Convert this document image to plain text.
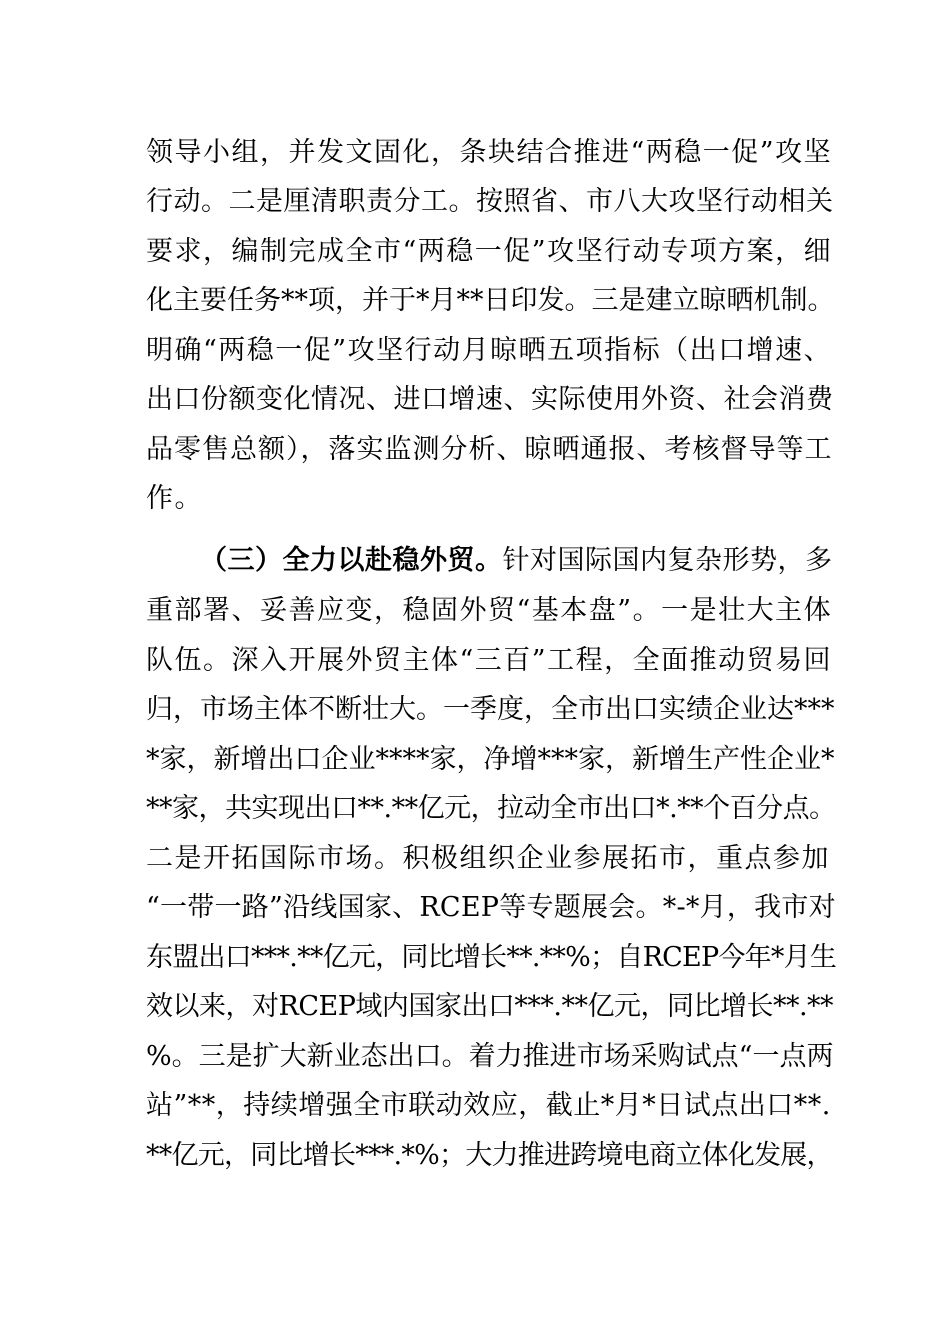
领导小组，并发文固化，条块结合推进“两稳一促”攻坚
行动。二是厘清职责分工。按照省、市八大攻坚行动相关
要求，编制完成全市“两稳一促”攻坚行动专项方案，细
化主要任务**项，并于*月**日印发。三是建立晾晒机制。
明确“两稳一促”攻坚行动月晾晒五项指标（出口增速、
出口份额变化情况、进口增速、实际使用外资、社会消费
品零售总额），落实监测分析、晾晒通报、考核督导等工
作。
（三）全力以赴稳外贸。针对国际国内复杂形势，多
重部署、妥善应变，稳固外贸“基本盘”。一是壮大主体
队伍。深入开展外贸主体“三百”工程，全面推动贸易回
归，市场主体不断壮大。一季度，全市出口实绩企业达***
*家，新增出口企业****家，净增***家，新增生产性企业*
**家，共实现出口**.**亿元，拉动全市出口*.**个百分点。
二是开拓国际市场。积极组织企业参展拓市，重点参加
“一带一路”沿线国家、RCEP等专题展会。*-*月，我市对
东盟出口***.**亿元，同比增长**.**%；自RCEP今年*月生
效以来，对RCEP域内国家出口***.**亿元，同比增长**.**
%。三是扩大新业态出口。着力推进市场采购试点“一点两
站”**，持续增强全市联动效应，截止*月*日试点出口**.
**亿元，同比增长***.*%；大力推进跨境电商立体化发展，
